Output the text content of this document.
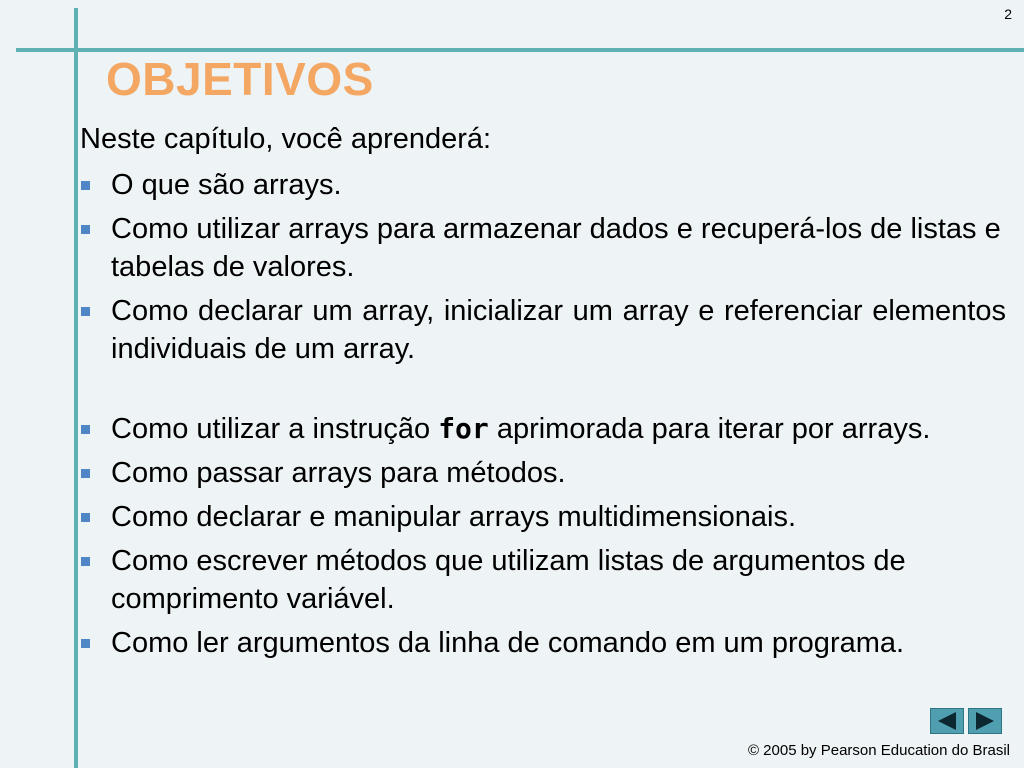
2
OBJETIVOS

Neste capítulo, você aprenderá:

O que são arrays.
Como utilizar arrays para armazenar dados e recuperá-los de listas e tabelas de valores.
Como declarar um array, inicializar um array e referenciar elementos individuais de um array.
Como utilizar a instrução for aprimorada para iterar por arrays.
Como passar arrays para métodos.
Como declarar e manipular arrays multidimensionais.
Como escrever métodos que utilizam listas de argumentos de comprimento variável.
Como ler argumentos da linha de comando em um programa.
© 2005 by Pearson Education do Brasil
